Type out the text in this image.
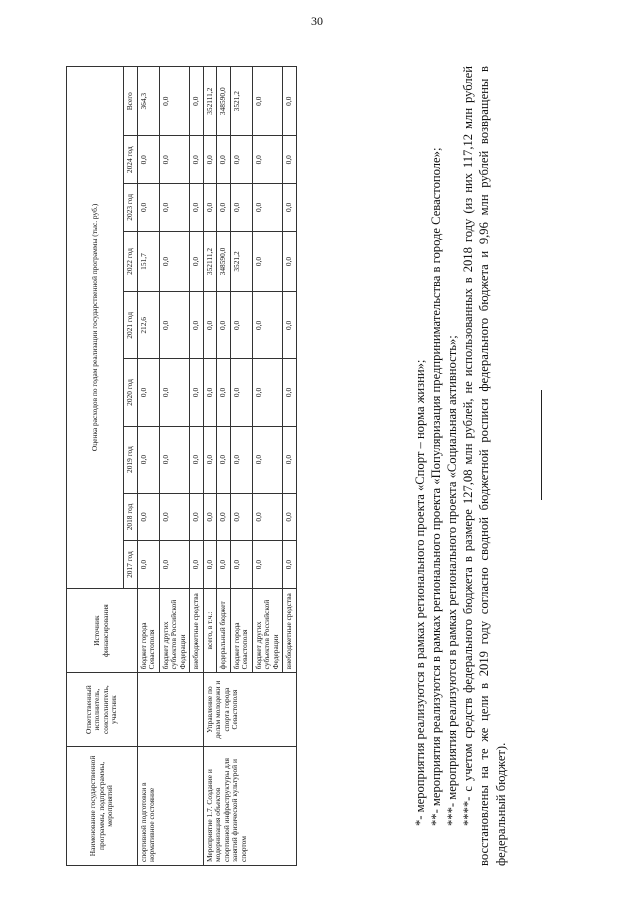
30
Наименование государственной программы, подпрограммы, мероприятий	Ответственный исполнитель, соисполнитель, участник	Источник финансирования	Оценка расходов по годам реализации государственной программы (тыс. руб.)								
			2017 год	2018 год	2019 год	2020 год	2021 год	2022 год	2023 год	2024 год	Всего
спортивной подготовки в нормативное состояние		бюджет города Севастополя	0,0	0,0	0,0	0,0	212,6	151,7	0,0	0,0	364,3
		бюджет других субъектов Российской Федерации	0,0	0,0	0,0	0,0	0,0	0,0	0,0	0,0	0,0
		внебюджетные средства	0,0	0,0	0,0	0,0	0,0	0,0	0,0	0,0	0,0
Мероприятие 1.7. Создание и модернизация объектов спортивной инфраструктуры для занятий физической культурой и спортом	Управление по делам молодежи и спорта города Севастополя	всего, в т.ч.:	0,0	0,0	0,0	0,0	0,0	352111,2	0,0	0,0	352111,2
		федеральный бюджет	0,0	0,0	0,0	0,0	0,0	348590,0	0,0	0,0	348590,0
		бюджет города Севастополя	0,0	0,0	0,0	0,0	0,0	3521,2	0,0	0,0	3521,2
		бюджет других субъектов Российской Федерации	0,0	0,0	0,0	0,0	0,0	0,0	0,0	0,0	0,0
		внебюджетные средства	0,0	0,0	0,0	0,0	0,0	0,0	0,0	0,0	0,0

*- мероприятия реализуются в рамках регионального проекта «Спорт – норма жизни»; **- мероприятия реализуются в рамках регионального проекта «Популяризация предпринимательства в городе Севастополе»; ***- мероприятия реализуются в рамках регионального проекта «Социальная активность»; ****- с учетом средств федерального бюджета в размере 127,08 млн рублей, не использованных в 2018 году (из них 117,12 млн рублей восстановлены на те же цели в 2019 году согласно сводной бюджетной росписи федерального бюджета и 9,96 млн рублей возвращены в федеральный бюджет).
